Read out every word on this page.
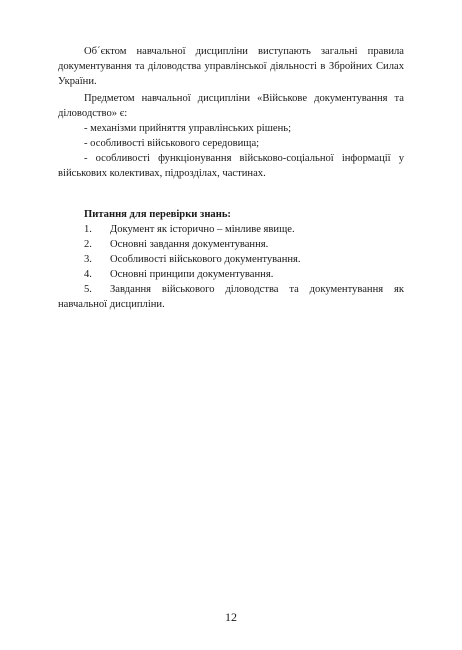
Об´єктом навчальної дисципліни виступають загальні правила документування та діловодства управлінської діяльності в Збройних Силах України.

Предметом навчальної дисципліни «Військове документування та діловодство» є:

- механізми прийняття управлінських рішень;

- особливості військового середовища;

- особливості функціонування військово-соціальної інформації у військових колективах, підрозділах, частинах.

Питання для перевірки знань:

1.	Документ як історично – мінливе явище.

2.	Основні завдання документування.

3.	Особливості військового документування.

4.	Основні принципи документування.

5. Завдання військового діловодства та документування як навчальної дисципліни.

12
